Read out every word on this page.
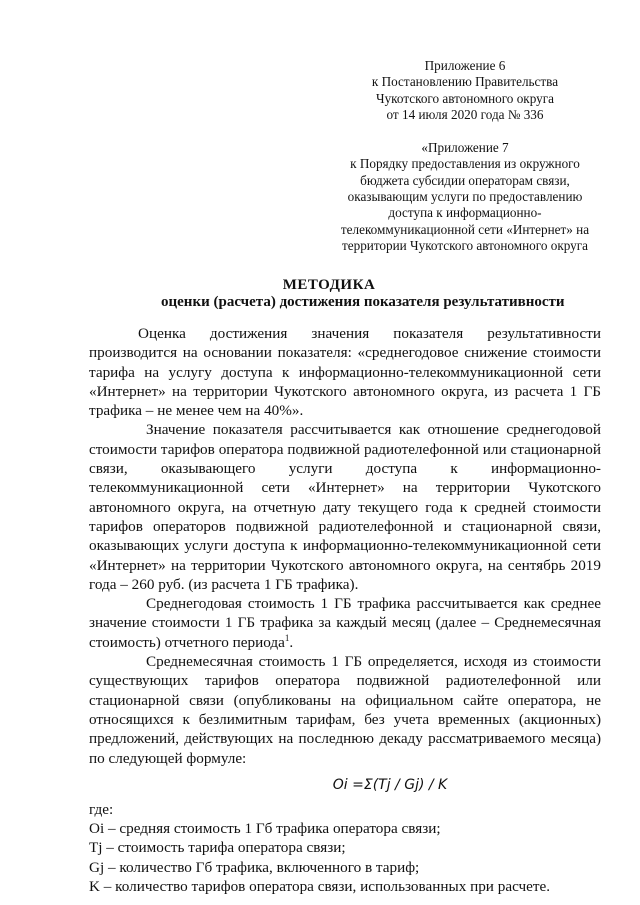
Приложение 6
к Постановлению Правительства
Чукотского автономного округа
от 14 июля 2020 года № 336
«Приложение 7
к Порядку предоставления из окружного
бюджета субсидии операторам связи,
оказывающим услуги по предоставлению
доступа к информационно-
телекоммуникационной сети «Интернет» на
территории Чукотского автономного округа
МЕТОДИКА
оценки (расчета) достижения показателя результативности

Оценка достижения значения показателя результативности производится на основании показателя: «среднегодовое снижение стоимости тарифа на услугу доступа к информационно-телекоммуникационной сети «Интернет» на территории Чукотского автономного округа, из расчета 1 ГБ трафика – не менее чем на 40%».

Значение показателя рассчитывается как отношение среднегодовой стоимости тарифов оператора подвижной радиотелефонной или стационарной связи, оказывающего услуги доступа к информационно-телекоммуникационной сети «Интернет» на территории Чукотского автономного округа, на отчетную дату текущего года к средней стоимости тарифов операторов подвижной радиотелефонной и стационарной связи, оказывающих услуги доступа к информационно-телекоммуникационной сети «Интернет» на территории Чукотского автономного округа, на сентябрь 2019 года – 260 руб. (из расчета 1 ГБ трафика).

Среднегодовая стоимость 1 ГБ трафика рассчитывается как среднее значение стоимости 1 ГБ трафика за каждый месяц (далее – Среднемесячная стоимость) отчетного периода$^1$.

Среднемесячная стоимость 1 ГБ определяется, исходя из стоимости существующих тарифов оператора подвижной радиотелефонной или стационарной связи (опубликованы на официальном сайте оператора, не относящихся к безлимитным тарифам, без учета временных (акционных) предложений, действующих на последнюю декаду рассматриваемого месяца) по следующей формуле:

Oi =Σ(Tj / Gj) / K
где:
Oi – средняя стоимость 1 Гб трафика оператора связи;
Tj – стоимость тарифа оператора связи;
Gj – количество Гб трафика, включенного в тариф;
K – количество тарифов оператора связи, использованных при расчете.
